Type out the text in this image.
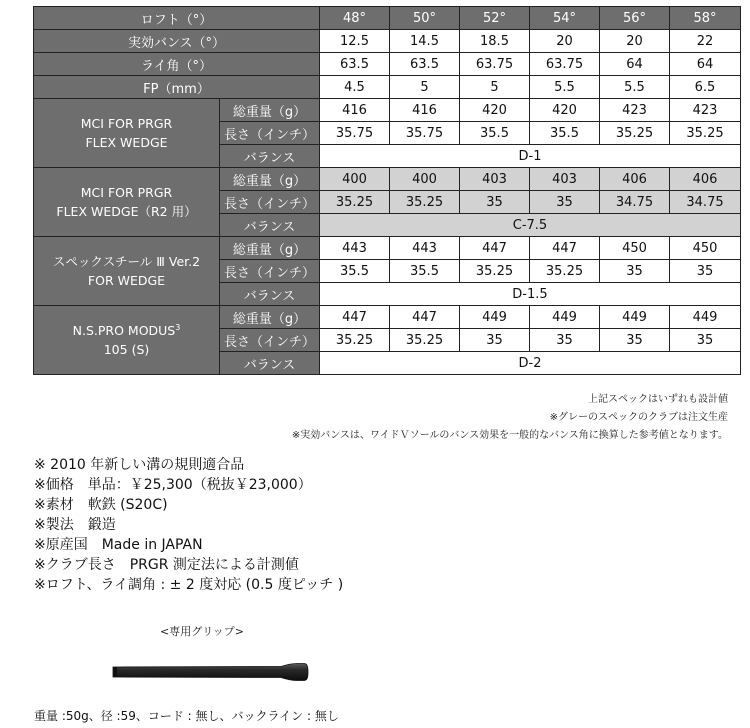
ロフト（°）		48°	50°	52°	54°	56°	58°
実効バンス（°）		12.5	14.5	18.5	20	20	22
ライ角（°）		63.5	63.5	63.75	63.75	64	64
FP（mm）		4.5	5	5	5.5	5.5	6.5

MCI FOR PRGR
FLEX WEDGE	総重量（g）	416	416	420	420	423	423
	長さ（インチ）	35.75	35.75	35.5	35.5	35.25	35.25
	バランス	D-1					

MCI FOR PRGR
FLEX WEDGE（R2 用）	総重量（g）	400	400	403	403	406	406
	長さ（インチ）	35.25	35.25	35	35	34.75	34.75
	バランス	C-7.5					

スペックスチール Ⅲ Ver.2
FOR WEDGE	総重量（g）	443	443	447	447	450	450
	長さ（インチ）	35.5	35.5	35.25	35.25	35	35
	バランス	D-1.5					

N.S.PRO MODUS$^3$
105 (S)	総重量（g）	447	447	449	449	449	449
	長さ（インチ）	35.25	35.25	35	35	35	35
	バランス	D-2					
上記スペックはいずれも設計値
※グレーのスペックのクラブは注文生産
※実効バンスは、ワイドＶソールのバンス効果を一般的なバンス角に換算した参考値となります。
※ 2010 年新しい溝の規則適合品
※価格　単品：￥25,300（税抜￥23,000）
※素材　軟鉄 (S20C)
※製法　鍛造
※原産国　Made in JAPAN
※クラブ長さ　PRGR 測定法による計測値
※ロフト、ライ調角 : ± 2 度対応 (0.5 度ピッチ )
<専用グリップ>
重量 :50g、径 :59、コード : 無し、バックライン : 無し
